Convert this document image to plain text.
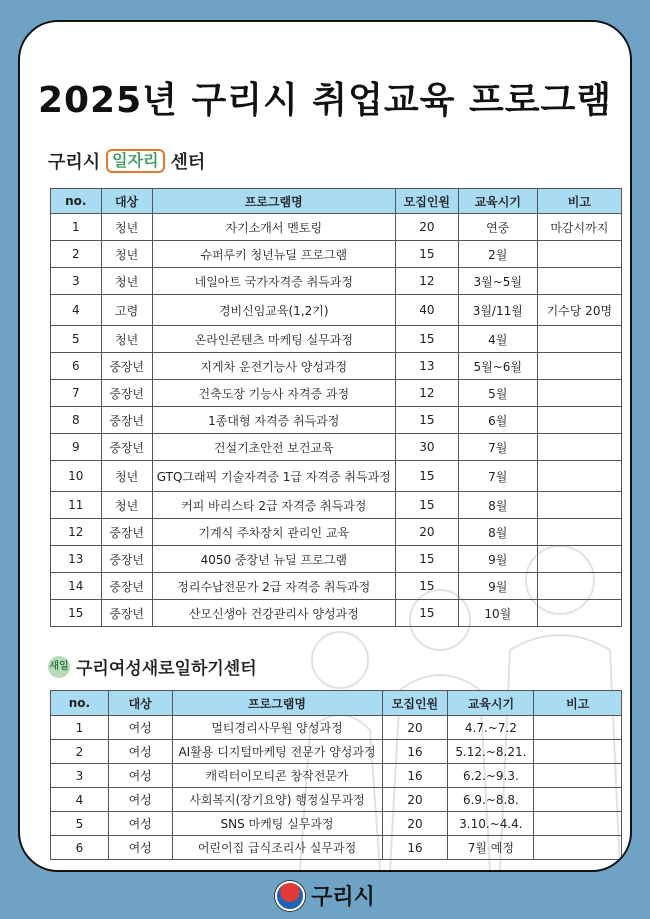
2025년 구리시 취업교육 프로그램
구리시 일자리 센터
no.	대상	프로그램명	모집인원	교육시기	비고
1	청년	자기소개서 멘토링	20	연중	마감시까지
2	청년	슈퍼루키 청년뉴딜 프로그램	15	2월	
3	청년	네일아트 국가자격증 취득과정	12	3월~5월	
4	고령	경비신임교육(1,2기)	40	3월/11월	기수당 20명
5	청년	온라인콘텐츠 마케팅 실무과정	15	4월	
6	중장년	지게차 운전기능사 양성과정	13	5월~6월	
7	중장년	건축도장 기능사 자격증 과정	12	5월	
8	중장년	1종대형 자격증 취득과정	15	6월	
9	중장년	건설기초안전 보건교육	30	7월	
10	청년	GTQ그래픽 기술자격증 1급 자격증 취득과정	15	7월	
11	청년	커피 바리스타 2급 자격증 취득과정	15	8월	
12	중장년	기계식 주차장치 관리인 교육	20	8월	
13	중장년	4050 중장년 뉴딜 프로그램	15	9월	
14	중장년	정리수납전문가 2급 자격증 취득과정	15	9월	
15	중장년	산모신생아 건강관리사 양성과정	15	10월	
새일 구리여성새로일하기센터
no.	대상	프로그램명	모집인원	교육시기	비고
1	여성	멀티경리사무원 양성과정	20	4.7.~7.2	
2	여성	AI활용 디지털마케팅 전문가 양성과정	16	5.12.~8.21.	
3	여성	캐릭터이모티콘 창작전문가	16	6.2.~9.3.	
4	여성	사회복지(장기요양) 행정실무과정	20	6.9.~8.8.	
5	여성	SNS 마케팅 실무과정	20	3.10.~4.4.	
6	여성	어린이집 급식조리사 실무과정	16	7월 예정	
구리시
